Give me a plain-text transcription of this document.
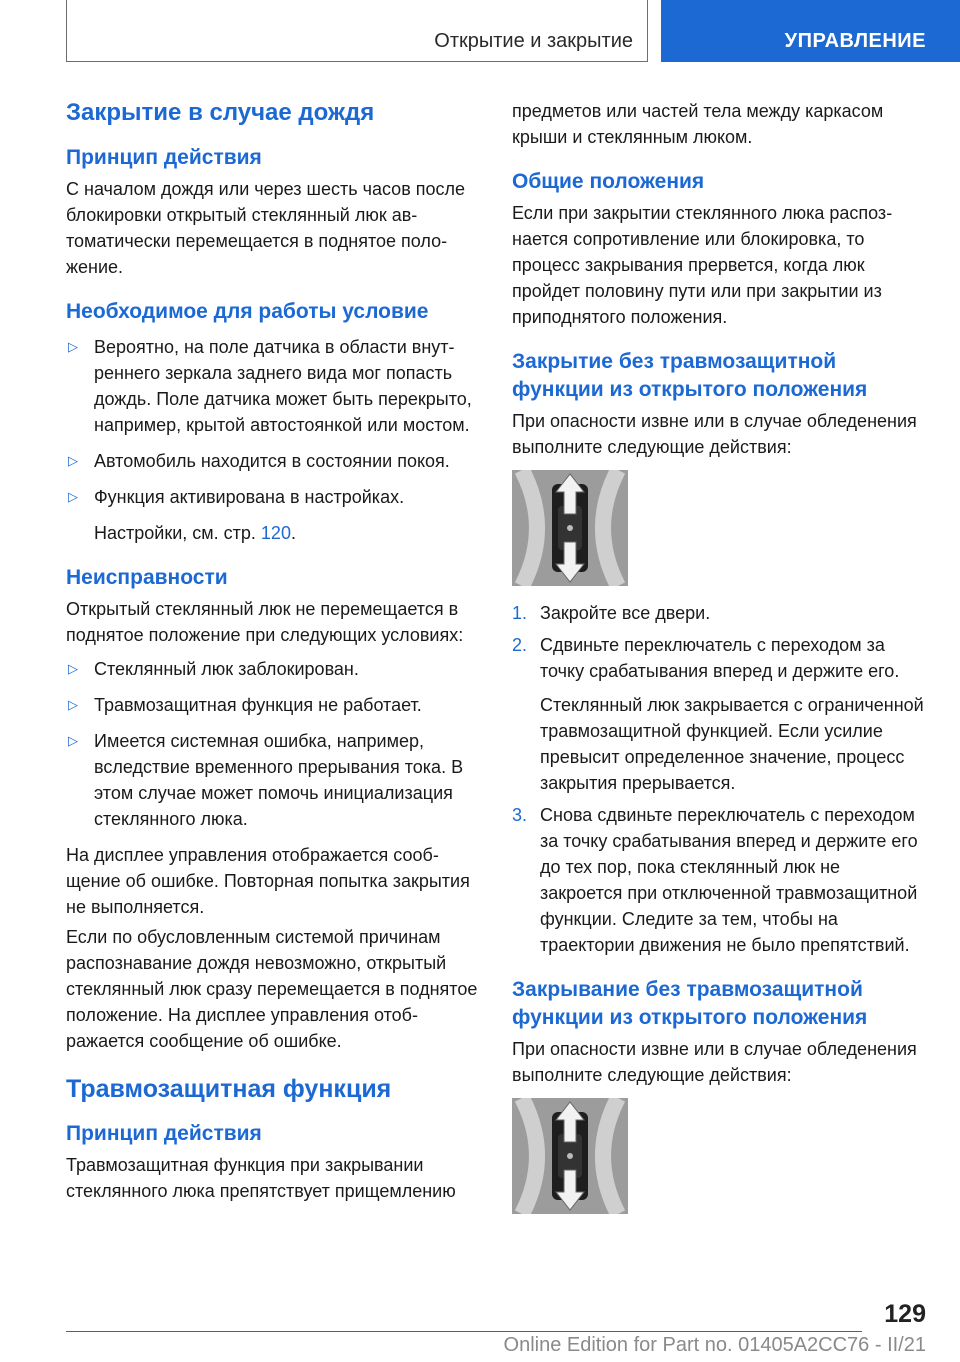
Открытие и закрытие	УПРАВЛЕНИЕ
Закрытие в случае дождя
Принцип действия

С началом дождя или через шесть часов после блокировки открытый стеклянный люк автоматически перемещается в поднятое положение.

Необходимое для работы условие
▷ Вероятно, на поле датчика в области внутреннего зеркала заднего вида мог попасть дождь. Поле датчика может быть перекрыто, например, крытой автостоянкой или мостом.
▷ Автомобиль находится в состоянии покоя.
▷ Функция активирована в настройках.

Настройки, см. стр. 120.

Неисправности

Открытый стеклянный люк не перемещается в поднятое положение при следующих условиях:

▷ Стеклянный люк заблокирован.
▷ Травмозащитная функция не работает.
▷ Имеется системная ошибка, например, вследствие временного прерывания тока. В этом случае может помочь инициализация стеклянного люка.

На дисплее управления отображается сообщение об ошибке. Повторная попытка закрытия не выполняется.

Если по обусловленным системой причинам распознавание дождя невозможно, открытый стеклянный люк сразу перемещается в поднятое положение. На дисплее управления отображается сообщение об ошибке.

Травмозащитная функция
Принцип действия

Травмозащитная функция при закрывании стеклянного люка препятствует прищемлению

предметов или частей тела между каркасом крыши и стеклянным люком.

Общие положения

Если при закрытии стеклянного люка распознается сопротивление или блокировка, то процесс закрывания прервется, когда люк пройдет половину пути или при закрытии из приподнятого положения.

Закрытие без травмозащитной функции из открытого положения

При опасности извне или в случае обледенения выполните следующие действия:

1. Закройте все двери.
2. Сдвиньте переключатель с переходом за точку срабатывания вперед и держите его.
Стеклянный люк закрывается с ограниченной травмозащитной функцией. Если усилие превысит определенное значение, процесс закрытия прерывается.
3. Снова сдвиньте переключатель с переходом за точку срабатывания вперед и держите его до тех пор, пока стеклянный люк не закроется при отключенной травмозащитной функции. Следите за тем, чтобы на траектории движения не было препятствий.
Закрывание без травмозащитной функции из открытого положения

При опасности извне или в случае обледенения выполните следующие действия:

129
Online Edition for Part no. 01405A2CC76 - II/21
